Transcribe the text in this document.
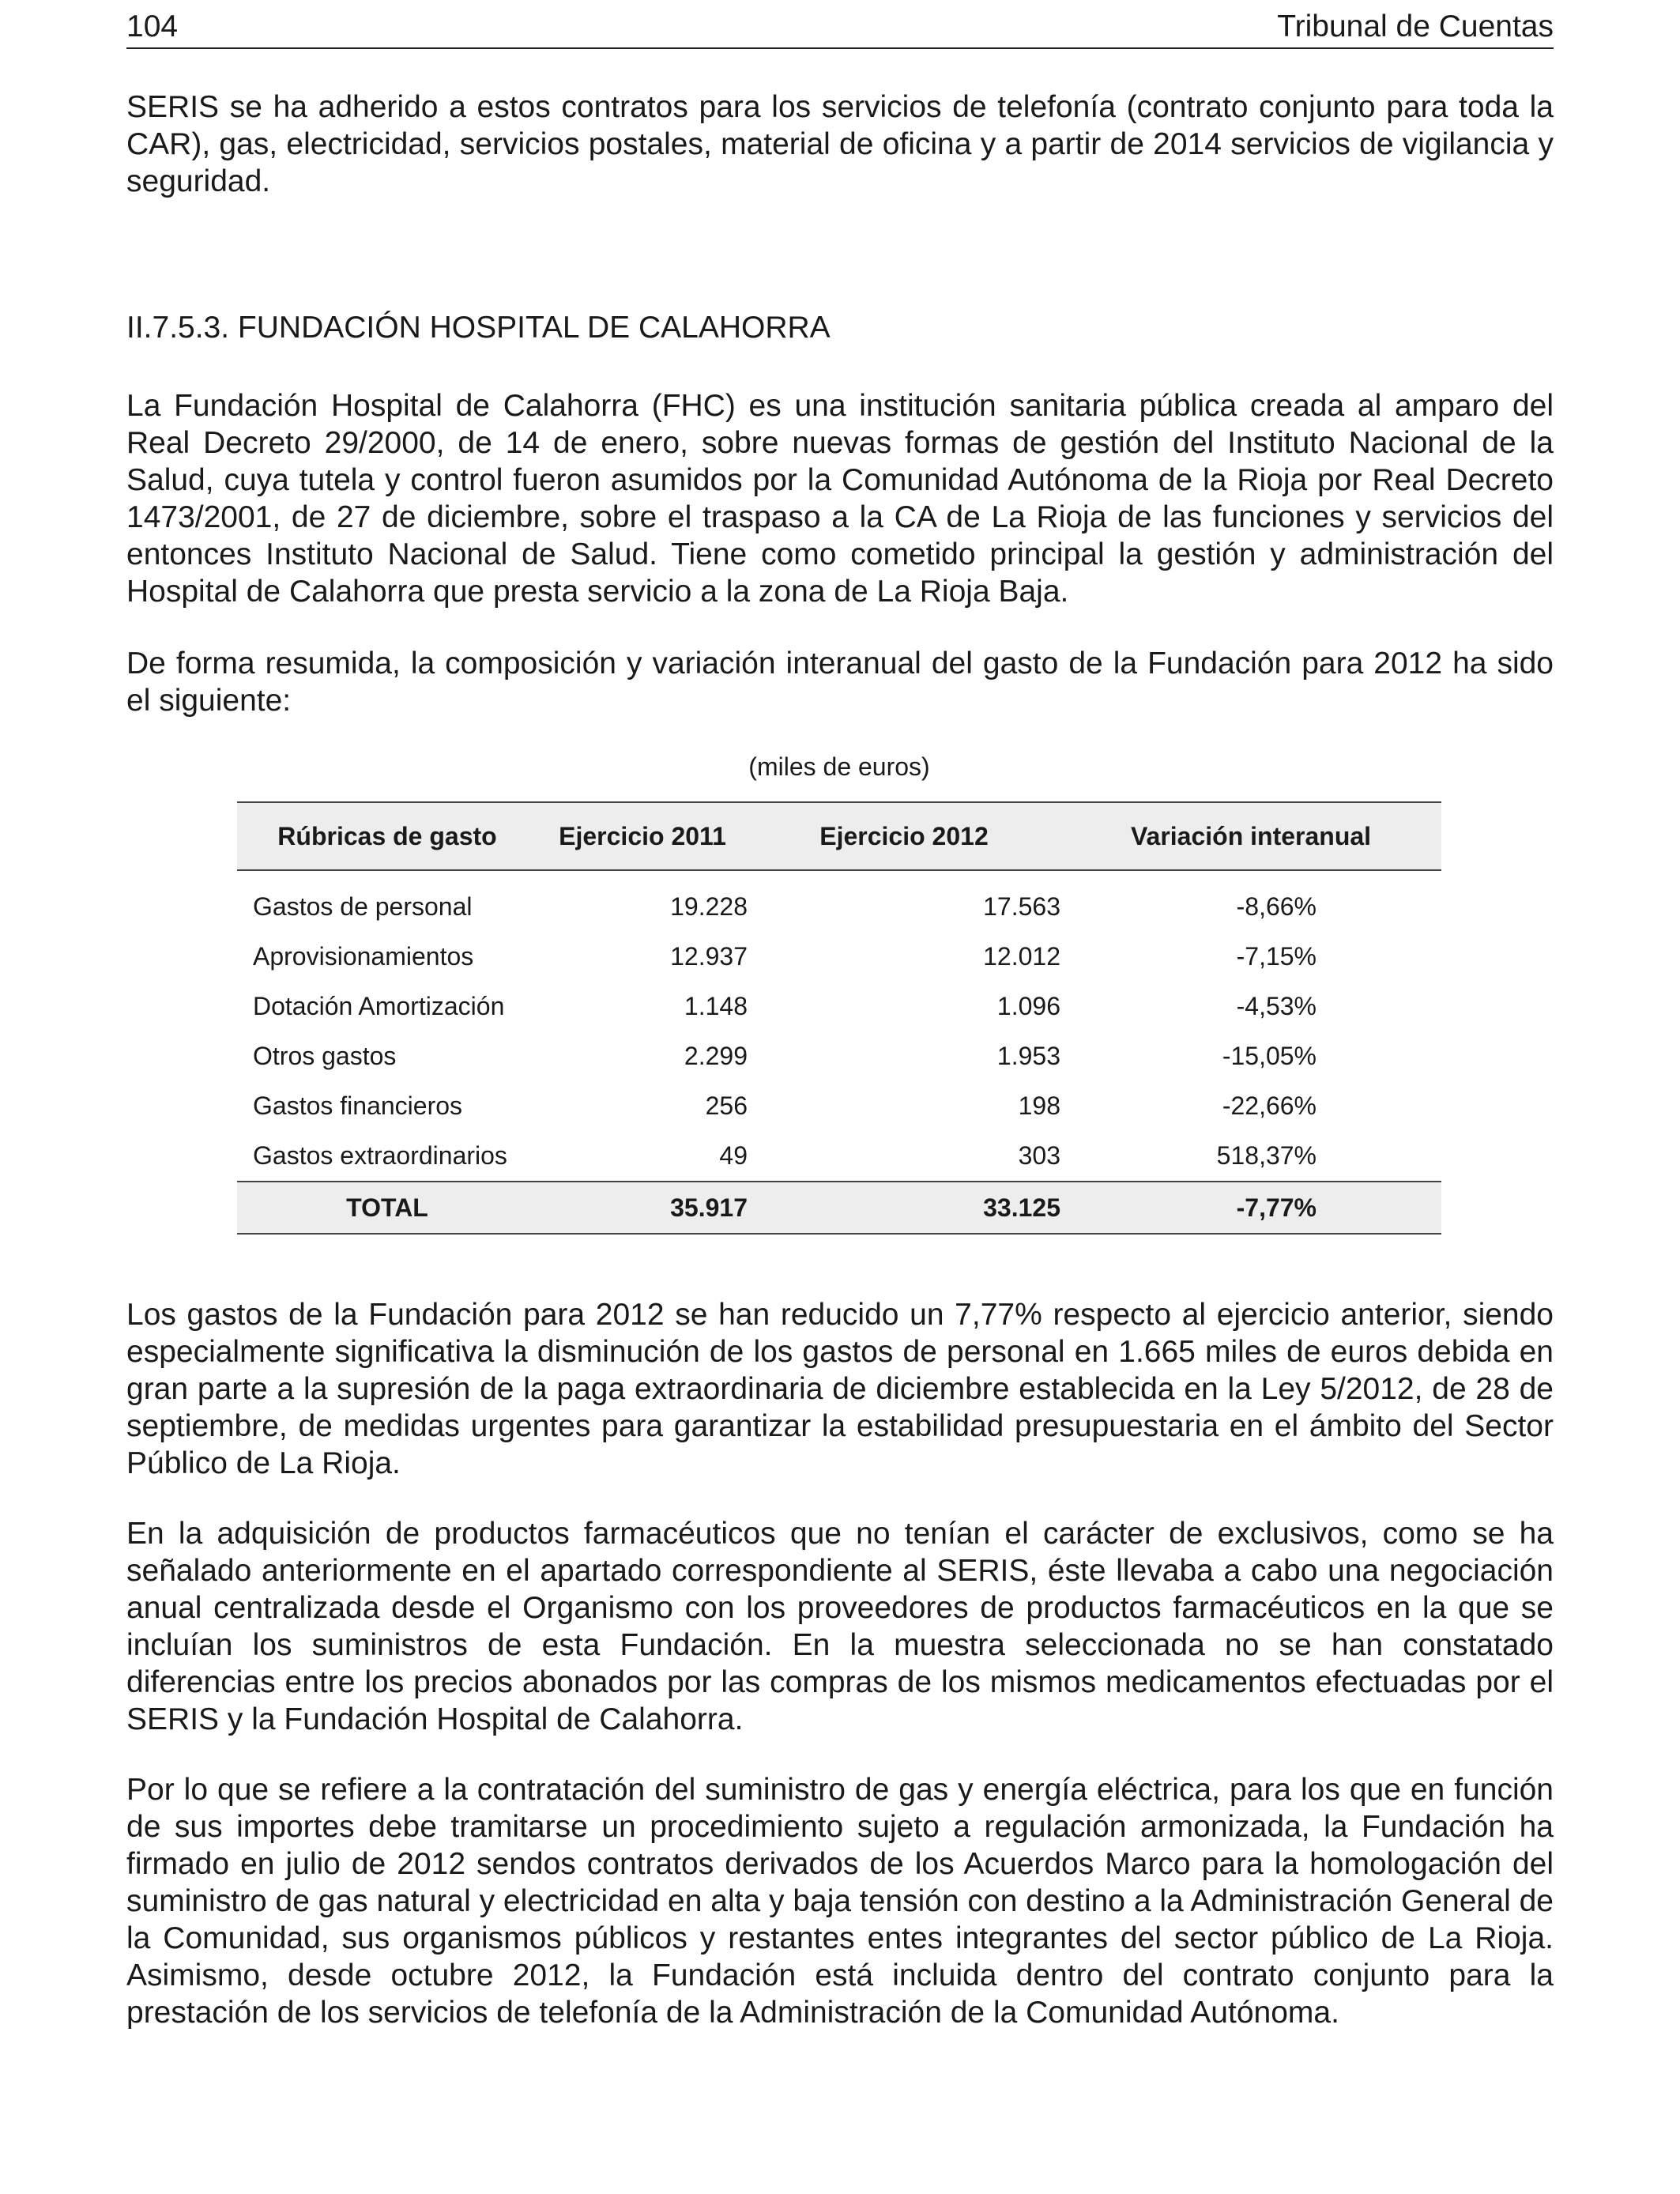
104	Tribunal de Cuentas

SERIS se ha adherido a estos contratos para los servicios de telefonía (contrato conjunto para toda la CAR), gas, electricidad, servicios postales, material de oficina y a partir de 2014 servicios de vigilancia y seguridad.

II.7.5.3. FUNDACIÓN HOSPITAL DE CALAHORRA

La Fundación Hospital de Calahorra (FHC) es una institución sanitaria pública creada al amparo del Real Decreto 29/2000, de 14 de enero, sobre nuevas formas de gestión del Instituto Nacional de la Salud, cuya tutela y control fueron asumidos por la Comunidad Autónoma de la Rioja por Real Decreto 1473/2001, de 27 de diciembre, sobre el traspaso a la CA de La Rioja de las funciones y servicios del entonces Instituto Nacional de Salud. Tiene como cometido principal la gestión y administración del Hospital de Calahorra que presta servicio a la zona de La Rioja Baja.

De forma resumida, la composición y variación interanual del gasto de la Fundación para 2012 ha sido el siguiente:

(miles de euros)
Rúbricas de gasto	Ejercicio 2011	Ejercicio 2012	Variación interanual
Gastos de personal	19.228	17.563	-8,66%
Aprovisionamientos	12.937	12.012	-7,15%
Dotación Amortización	1.148	1.096	-4,53%
Otros gastos	2.299	1.953	-15,05%
Gastos financieros	256	198	-22,66%
Gastos extraordinarios	49	303	518,37%
TOTAL	35.917	33.125	-7,77%

Los gastos de la Fundación para 2012 se han reducido un 7,77% respecto al ejercicio anterior, siendo especialmente significativa la disminución de los gastos de personal en 1.665 miles de euros debida en gran parte a la supresión de la paga extraordinaria de diciembre establecida en la Ley 5/2012, de 28 de septiembre, de medidas urgentes para garantizar la estabilidad presupuestaria en el ámbito del Sector Público de La Rioja.

En la adquisición de productos farmacéuticos que no tenían el carácter de exclusivos, como se ha señalado anteriormente en el apartado correspondiente al SERIS, éste llevaba a cabo una negociación anual centralizada desde el Organismo con los proveedores de productos farmacéuticos en la que se incluían los suministros de esta Fundación. En la muestra seleccionada no se han constatado diferencias entre los precios abonados por las compras de los mismos medicamentos efectuadas por el SERIS y la Fundación Hospital de Calahorra.

Por lo que se refiere a la contratación del suministro de gas y energía eléctrica, para los que en función de sus importes debe tramitarse un procedimiento sujeto a regulación armonizada, la Fundación ha firmado en julio de 2012 sendos contratos derivados de los Acuerdos Marco para la homologación del suministro de gas natural y electricidad en alta y baja tensión con destino a la Administración General de la Comunidad, sus organismos públicos y restantes entes integrantes del sector público de La Rioja. Asimismo, desde octubre 2012, la Fundación está incluida dentro del contrato conjunto para la prestación de los servicios de telefonía de la Administración de la Comunidad Autónoma.
